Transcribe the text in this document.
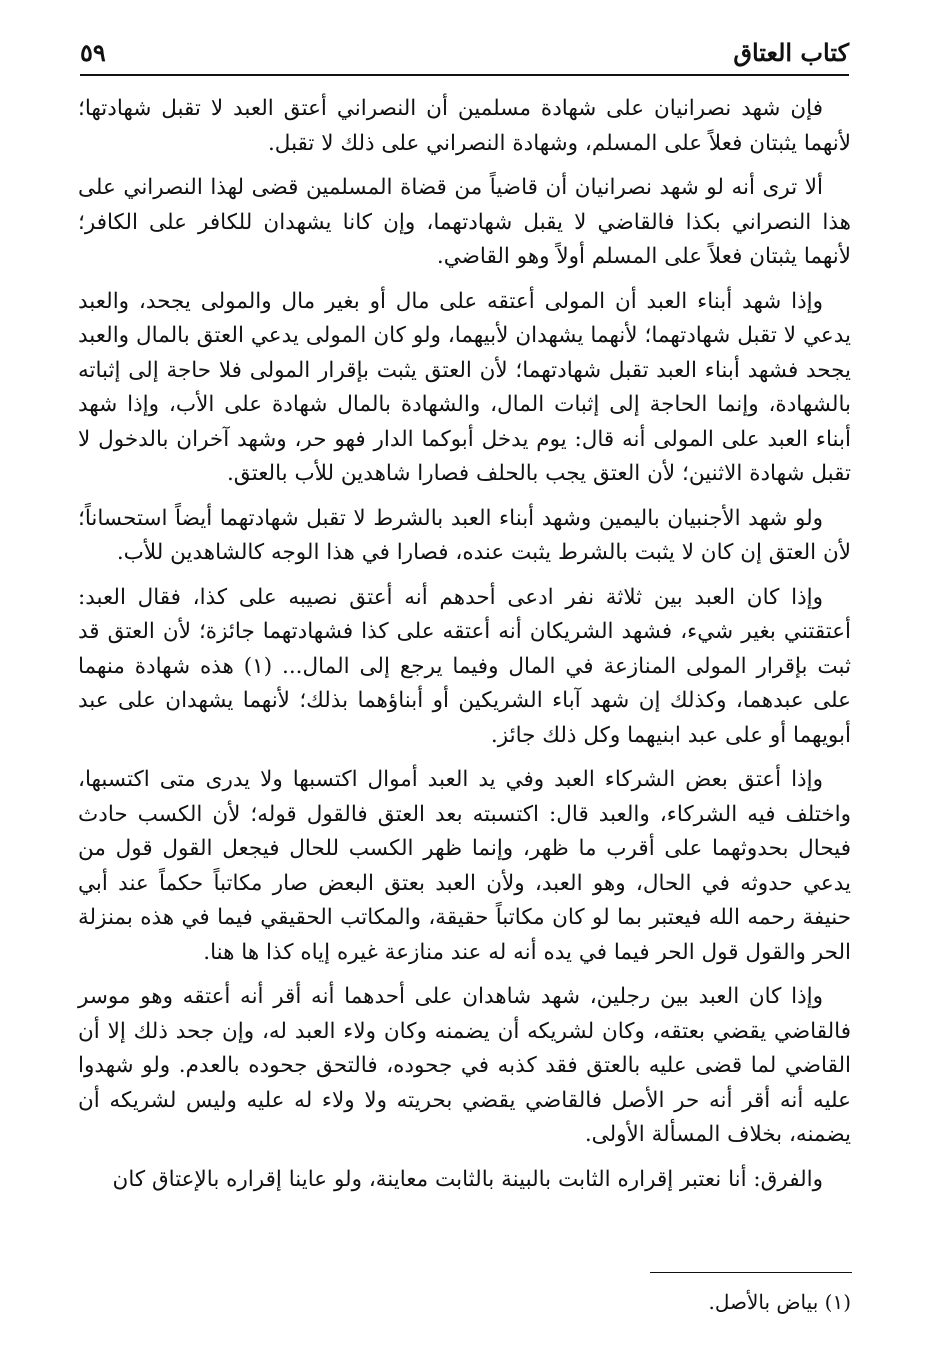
كتاب العتاق
٥٩

فإن شهد نصرانيان على شهادة مسلمين أن النصراني أعتق العبد لا تقبل شهادتها؛ لأنهما يثبتان فعلاً على المسلم، وشهادة النصراني على ذلك لا تقبل.

ألا ترى أنه لو شهد نصرانيان أن قاضياً من قضاة المسلمين قضى لهذا النصراني على هذا النصراني بكذا فالقاضي لا يقبل شهادتهما، وإن كانا يشهدان للكافر على الكافر؛ لأنهما يثبتان فعلاً على المسلم أولاً وهو القاضي.

وإذا شهد أبناء العبد أن المولى أعتقه على مال أو بغير مال والمولى يجحد، والعبد يدعي لا تقبل شهادتهما؛ لأنهما يشهدان لأبيهما، ولو كان المولى يدعي العتق بالمال والعبد يجحد فشهد أبناء العبد تقبل شهادتهما؛ لأن العتق يثبت بإقرار المولى فلا حاجة إلى إثباته بالشهادة، وإنما الحاجة إلى إثبات المال، والشهادة بالمال شهادة على الأب، وإذا شهد أبناء العبد على المولى أنه قال: يوم يدخل أبوكما الدار فهو حر، وشهد آخران بالدخول لا تقبل شهادة الاثنين؛ لأن العتق يجب بالحلف فصارا شاهدين للأب بالعتق.

ولو شهد الأجنبيان باليمين وشهد أبناء العبد بالشرط لا تقبل شهادتهما أيضاً استحساناً؛ لأن العتق إن كان لا يثبت بالشرط يثبت عنده، فصارا في هذا الوجه كالشاهدين للأب.

وإذا كان العبد بين ثلاثة نفر ادعى أحدهم أنه أعتق نصيبه على كذا، فقال العبد: أعتقتني بغير شيء، فشهد الشريكان أنه أعتقه على كذا فشهادتهما جائزة؛ لأن العتق قد ثبت بإقرار المولى المنازعة في المال وفيما يرجع إلى المال... (١) هذه شهادة منهما على عبدهما، وكذلك إن شهد آباء الشريكين أو أبناؤهما بذلك؛ لأنهما يشهدان على عبد أبويهما أو على عبد ابنيهما وكل ذلك جائز.

وإذا أعتق بعض الشركاء العبد وفي يد العبد أموال اكتسبها ولا يدرى متى اكتسبها، واختلف فيه الشركاء، والعبد قال: اكتسبته بعد العتق فالقول قوله؛ لأن الكسب حادث فيحال بحدوثهما على أقرب ما ظهر، وإنما ظهر الكسب للحال فيجعل القول قول من يدعي حدوثه في الحال، وهو العبد، ولأن العبد بعتق البعض صار مكاتباً حكماً عند أبي حنيفة رحمه الله فيعتبر بما لو كان مكاتباً حقيقة، والمكاتب الحقيقي فيما في هذه بمنزلة الحر والقول قول الحر فيما في يده أنه له عند منازعة غيره إياه كذا ها هنا.

وإذا كان العبد بين رجلين، شهد شاهدان على أحدهما أنه أقر أنه أعتقه وهو موسر فالقاضي يقضي بعتقه، وكان لشريكه أن يضمنه وكان ولاء العبد له، وإن جحد ذلك إلا أن القاضي لما قضى عليه بالعتق فقد كذبه في جحوده، فالتحق جحوده بالعدم. ولو شهدوا عليه أنه أقر أنه حر الأصل فالقاضي يقضي بحريته ولا ولاء له عليه وليس لشريكه أن يضمنه، بخلاف المسألة الأولى.

والفرق: أنا نعتبر إقراره الثابت بالبينة بالثابت معاينة، ولو عاينا إقراره بالإعتاق كان

(١) بياض بالأصل.
